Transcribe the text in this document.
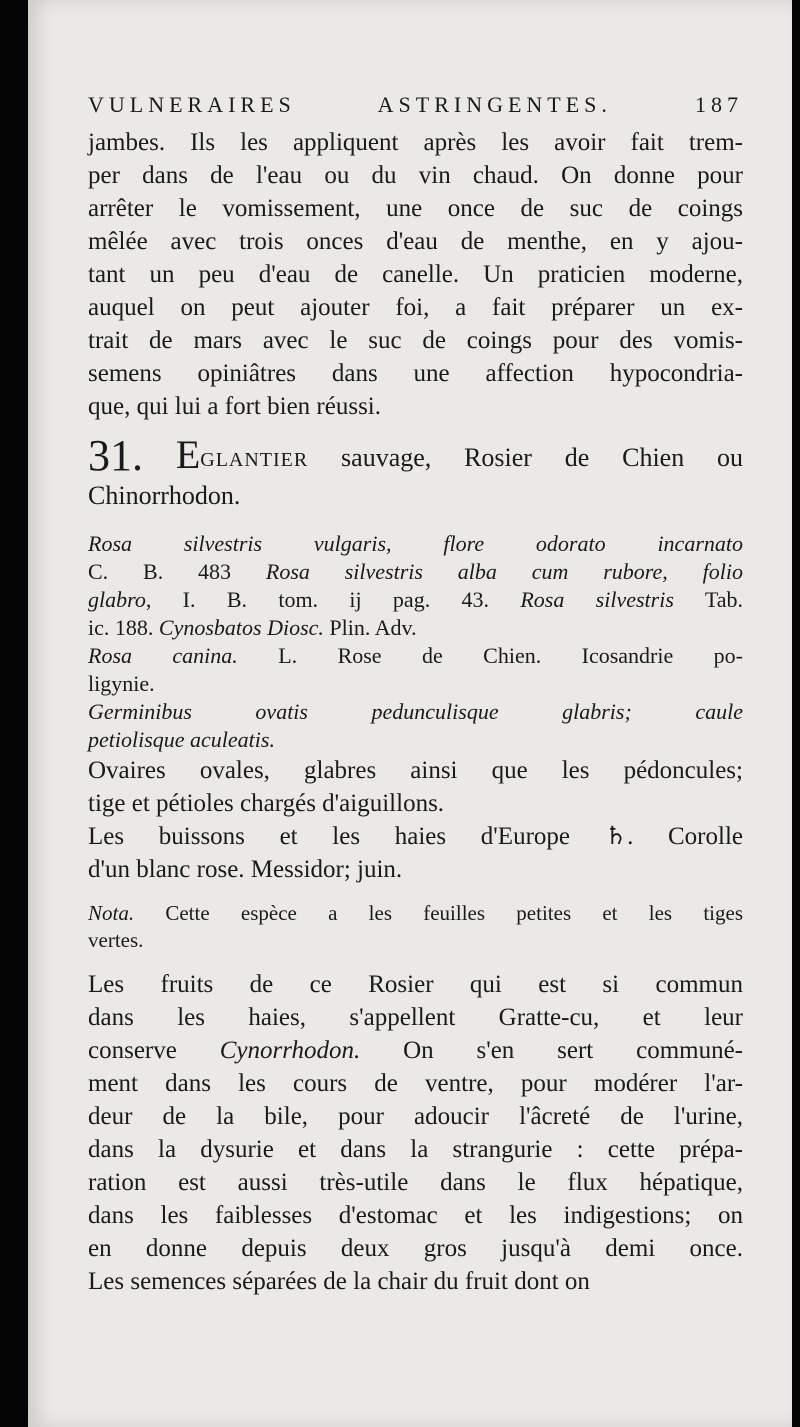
VULNERAIRES ASTRINGENTES.	187
jambes. Ils les appliquent après les avoir fait trem-
per dans de l'eau ou du vin chaud. On donne pour
arrêter le vomissement, une once de suc de coings
mêlée avec trois onces d'eau de menthe, en y ajou-
tant un peu d'eau de canelle. Un praticien moderne,
auquel on peut ajouter foi, a fait préparer un ex-
trait de mars avec le suc de coings pour des vomis-
semens opiniâtres dans une affection hypocondria-
que, qui lui a fort bien réussi.
31. EGLANTIER sauvage, Rosier de Chien ou
Chinorrhodon.
Rosa silvestris vulgaris, flore odorato incarnato
C. B. 483 Rosa silvestris alba cum rubore, folio
glabro, I. B. tom. ij pag. 43. Rosa silvestris Tab.
ic. 188. Cynosbatos Diosc. Plin. Adv.
Rosa canina. L. Rose de Chien. Icosandrie po-
ligynie.
Germinibus ovatis pedunculisque glabris; caule
petiolisque aculeatis.
Ovaires ovales, glabres ainsi que les pédoncules;
tige et pétioles chargés d'aiguillons.
Les buissons et les haies d'Europe ♄. Corolle
d'un blanc rose. Messidor; juin.
Nota. Cette espèce a les feuilles petites et les tiges
vertes.
Les fruits de ce Rosier qui est si commun
dans les haies, s'appellent Gratte-cu, et leur
conserve Cynorrhodon. On s'en sert communé-
ment dans les cours de ventre, pour modérer l'ar-
deur de la bile, pour adoucir l'âcreté de l'urine,
dans la dysurie et dans la strangurie : cette prépa-
ration est aussi très-utile dans le flux hépatique,
dans les faiblesses d'estomac et les indigestions; on
en donne depuis deux gros jusqu'à demi once.
Les semences séparées de la chair du fruit dont on
